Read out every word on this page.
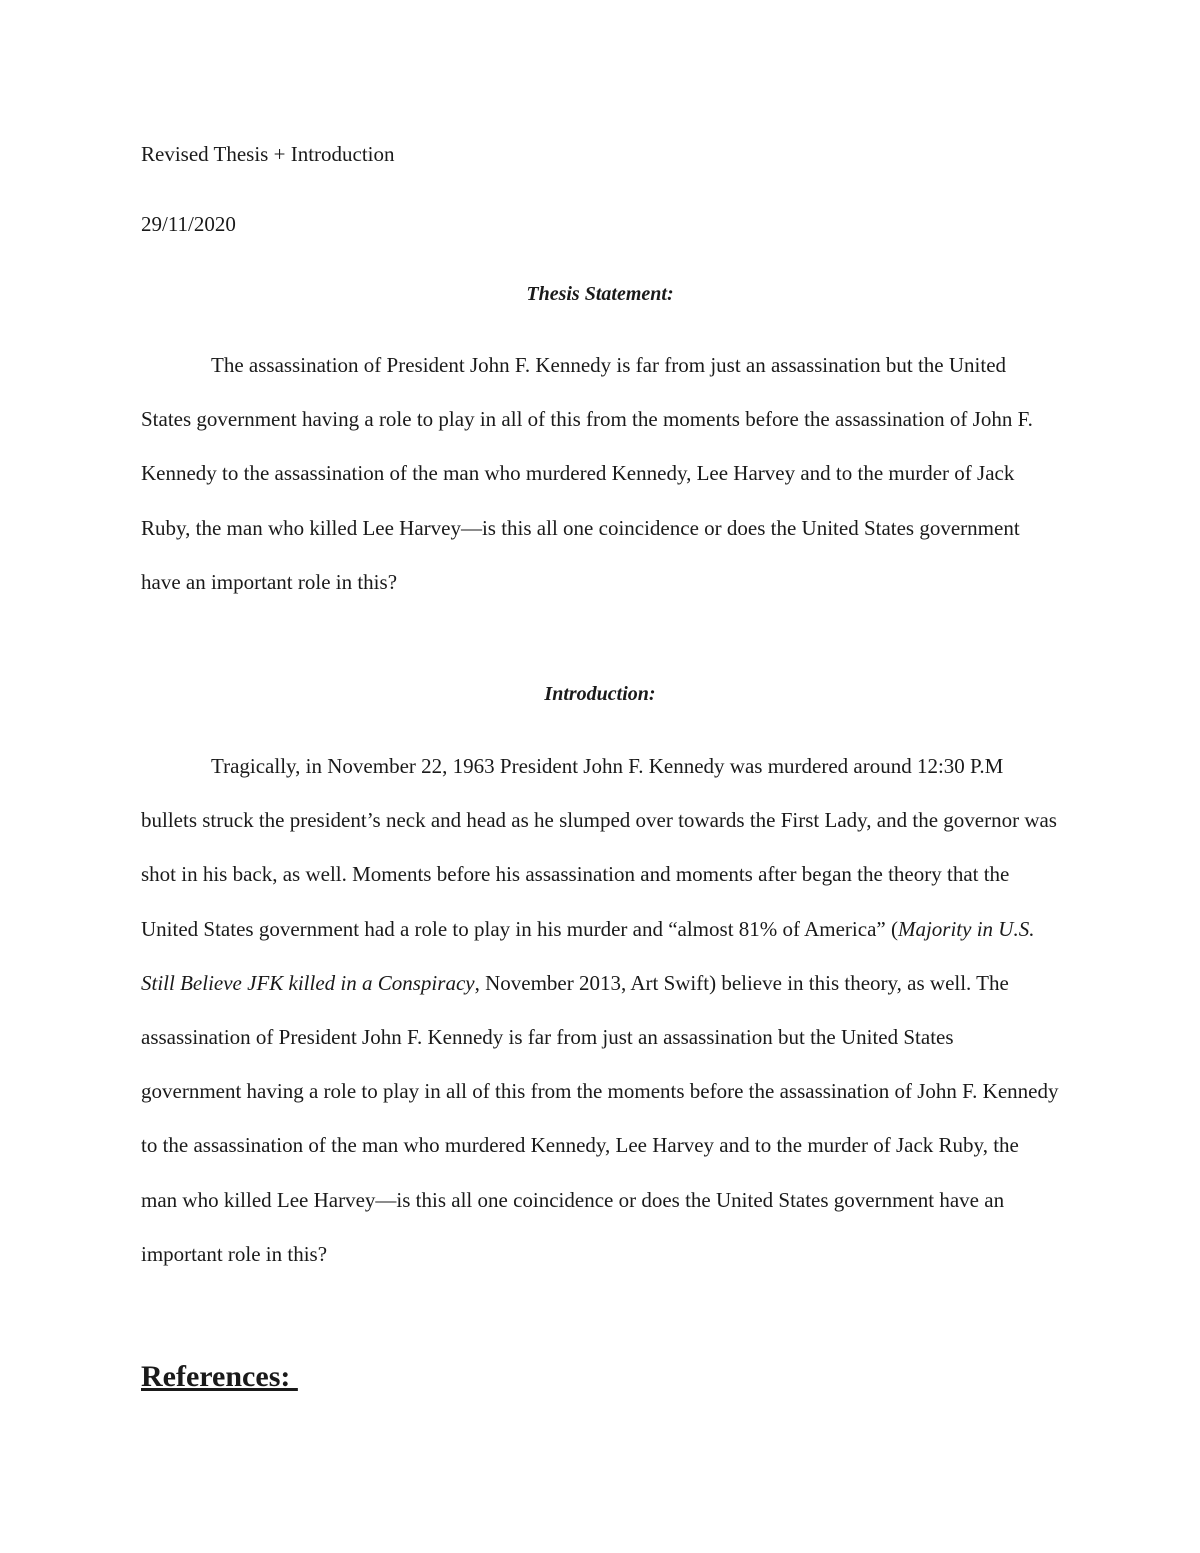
Revised Thesis + Introduction
29/11/2020
Thesis Statement:

The assassination of President John F. Kennedy is far from just an assassination but the United States government having a role to play in all of this from the moments before the assassination of John F. Kennedy to the assassination of the man who murdered Kennedy, Lee Harvey and to the murder of Jack Ruby, the man who killed Lee Harvey—is this all one coincidence or does the United States government have an important role in this?

Introduction:

Tragically, in November 22, 1963 President John F. Kennedy was murdered around 12:30 P.M bullets struck the president’s neck and head as he slumped over towards the First Lady, and the governor was shot in his back, as well. Moments before his assassination and moments after began the theory that the United States government had a role to play in his murder and “almost 81% of America” (Majority in U.S. Still Believe JFK killed in a Conspiracy, November 2013, Art Swift) believe in this theory, as well. The assassination of President John F. Kennedy is far from just an assassination but the United States government having a role to play in all of this from the moments before the assassination of John F. Kennedy to the assassination of the man who murdered Kennedy, Lee Harvey and to the murder of Jack Ruby, the man who killed Lee Harvey—is this all one coincidence or does the United States government have an important role in this?

References:
